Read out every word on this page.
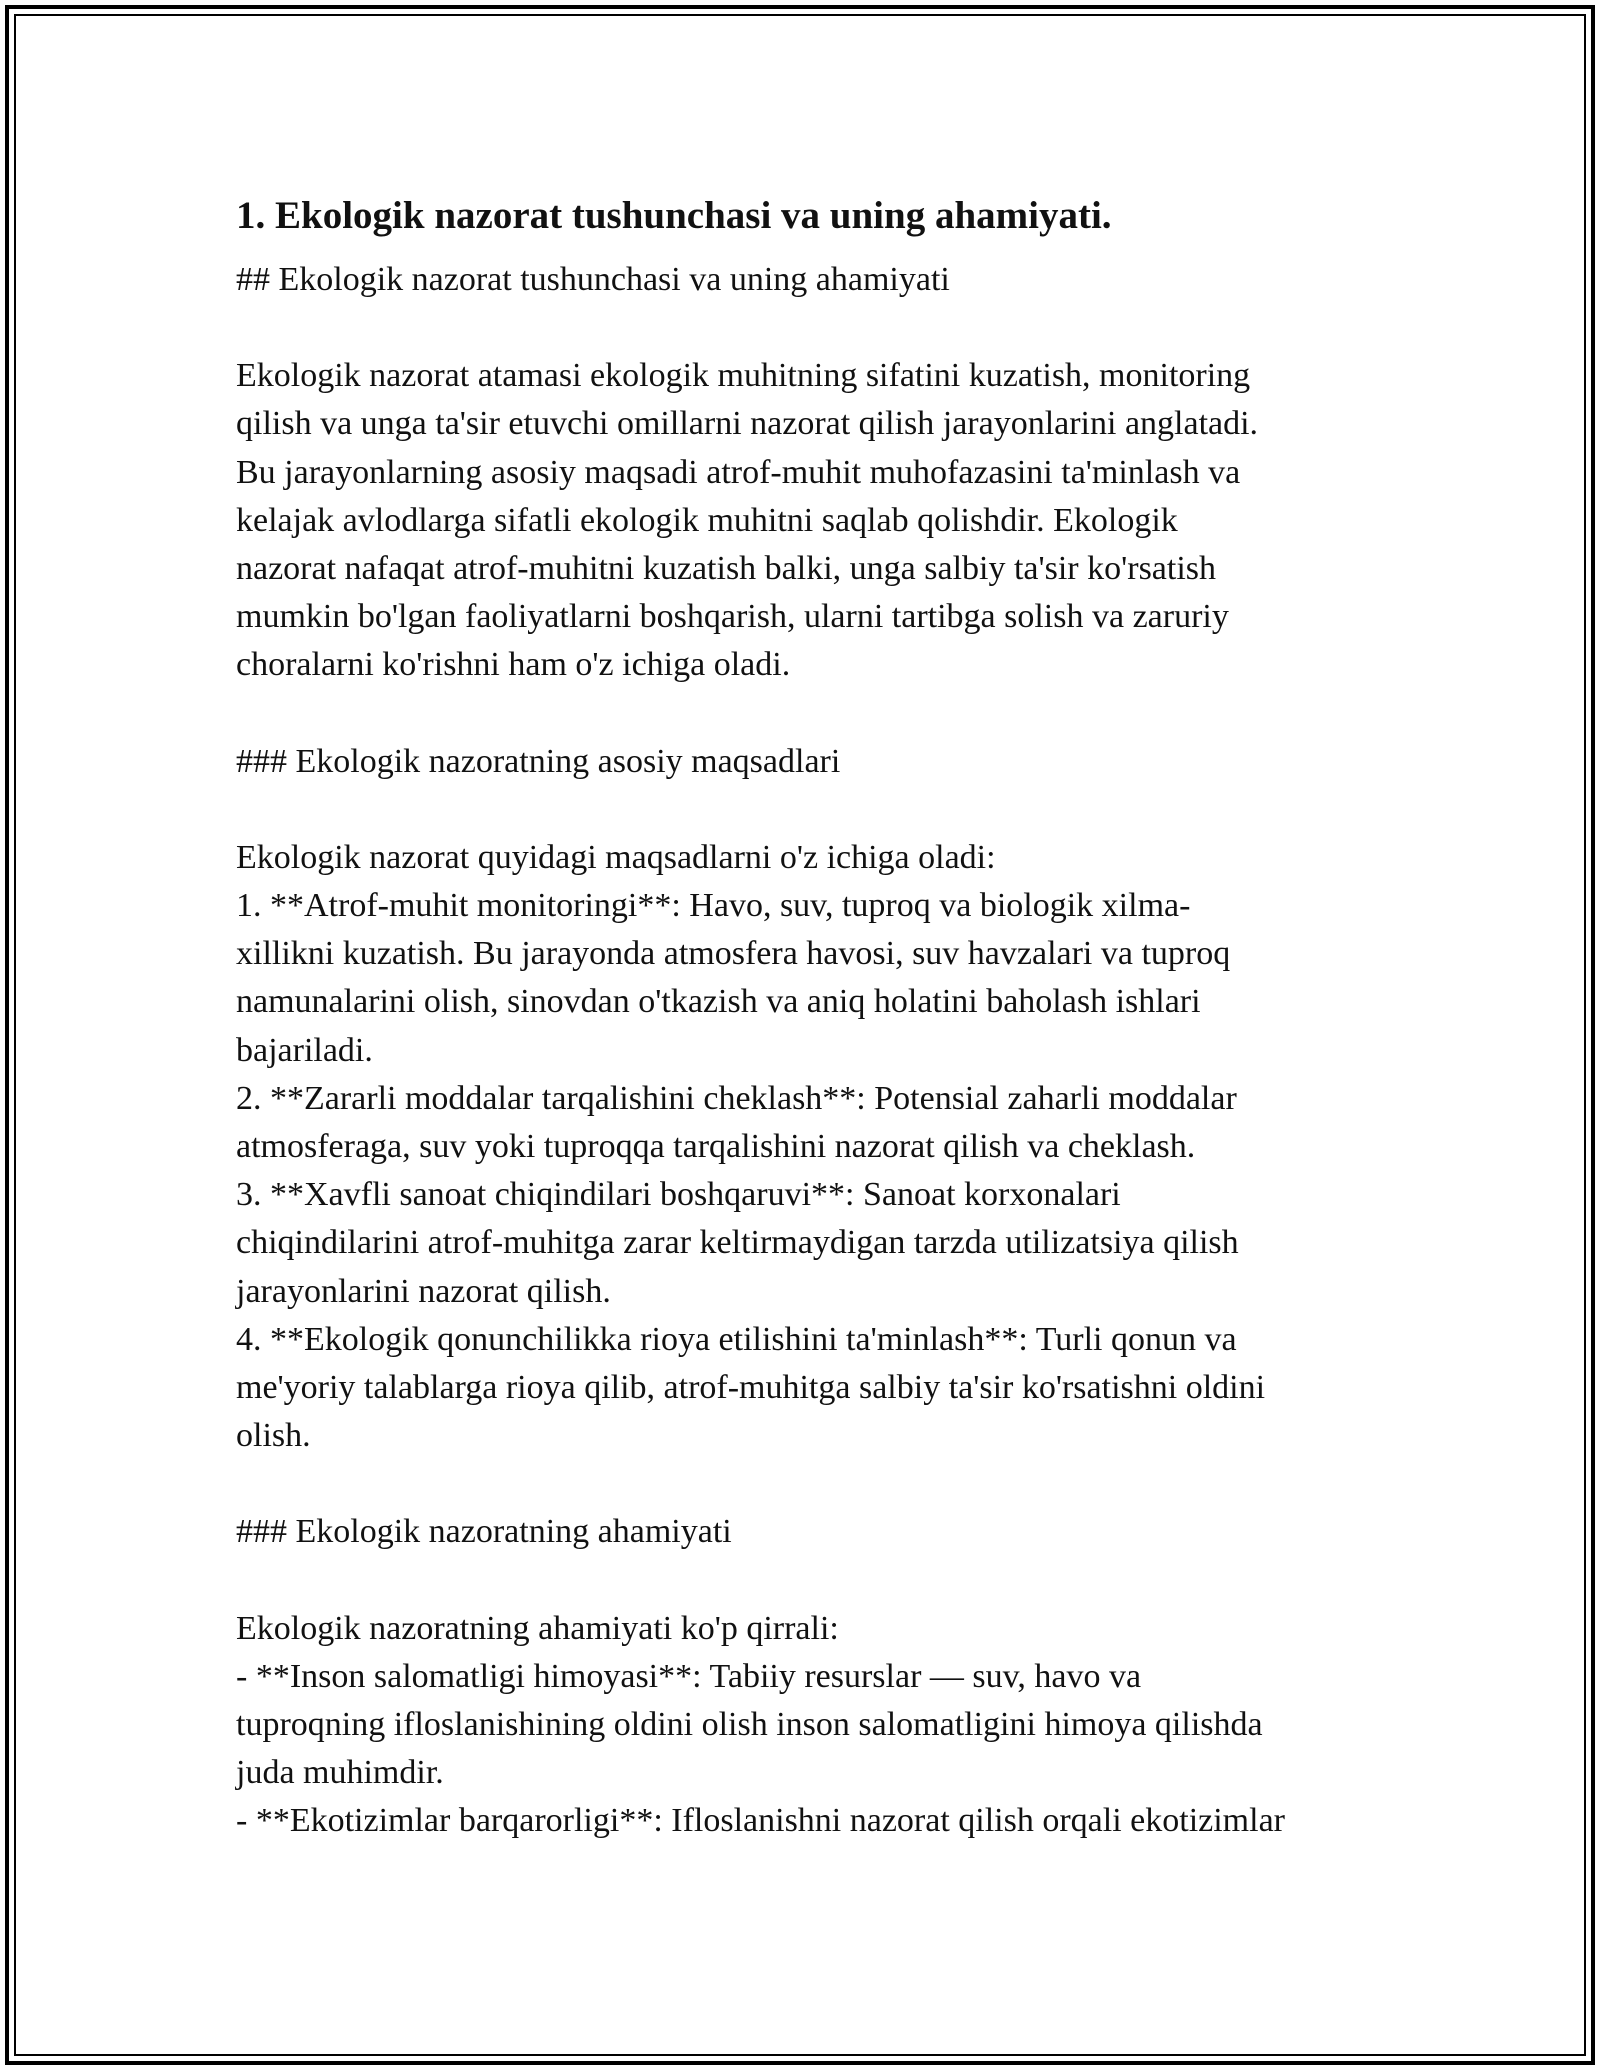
1. Ekologik nazorat tushunchasi va uning ahamiyati.

## Ekologik nazorat tushunchasi va uning ahamiyati

Ekologik nazorat atamasi ekologik muhitning sifatini kuzatish, monitoring

qilish va unga ta'sir etuvchi omillarni nazorat qilish jarayonlarini anglatadi.

Bu jarayonlarning asosiy maqsadi atrof-muhit muhofazasini ta'minlash va

kelajak avlodlarga sifatli ekologik muhitni saqlab qolishdir. Ekologik

nazorat nafaqat atrof-muhitni kuzatish balki, unga salbiy ta'sir ko'rsatish

mumkin bo'lgan faoliyatlarni boshqarish, ularni tartibga solish va zaruriy

choralarni ko'rishni ham o'z ichiga oladi.

### Ekologik nazoratning asosiy maqsadlari

Ekologik nazorat quyidagi maqsadlarni o'z ichiga oladi:

1. **Atrof-muhit monitoringi**: Havo, suv, tuproq va biologik xilma-

xillikni kuzatish. Bu jarayonda atmosfera havosi, suv havzalari va tuproq

namunalarini olish, sinovdan o'tkazish va aniq holatini baholash ishlari

bajariladi.

2. **Zararli moddalar tarqalishini cheklash**: Potensial zaharli moddalar

atmosferaga, suv yoki tuproqqa tarqalishini nazorat qilish va cheklash.

3. **Xavfli sanoat chiqindilari boshqaruvi**: Sanoat korxonalari

chiqindilarini atrof-muhitga zarar keltirmaydigan tarzda utilizatsiya qilish

jarayonlarini nazorat qilish.

4. **Ekologik qonunchilikka rioya etilishini ta'minlash**: Turli qonun va

me'yoriy talablarga rioya qilib, atrof-muhitga salbiy ta'sir ko'rsatishni oldini

olish.

### Ekologik nazoratning ahamiyati

Ekologik nazoratning ahamiyati ko'p qirrali:

- **Inson salomatligi himoyasi**: Tabiiy resurslar — suv, havo va

tuproqning ifloslanishining oldini olish inson salomatligini himoya qilishda

juda muhimdir.

- **Ekotizimlar barqarorligi**: Ifloslanishni nazorat qilish orqali ekotizimlar
